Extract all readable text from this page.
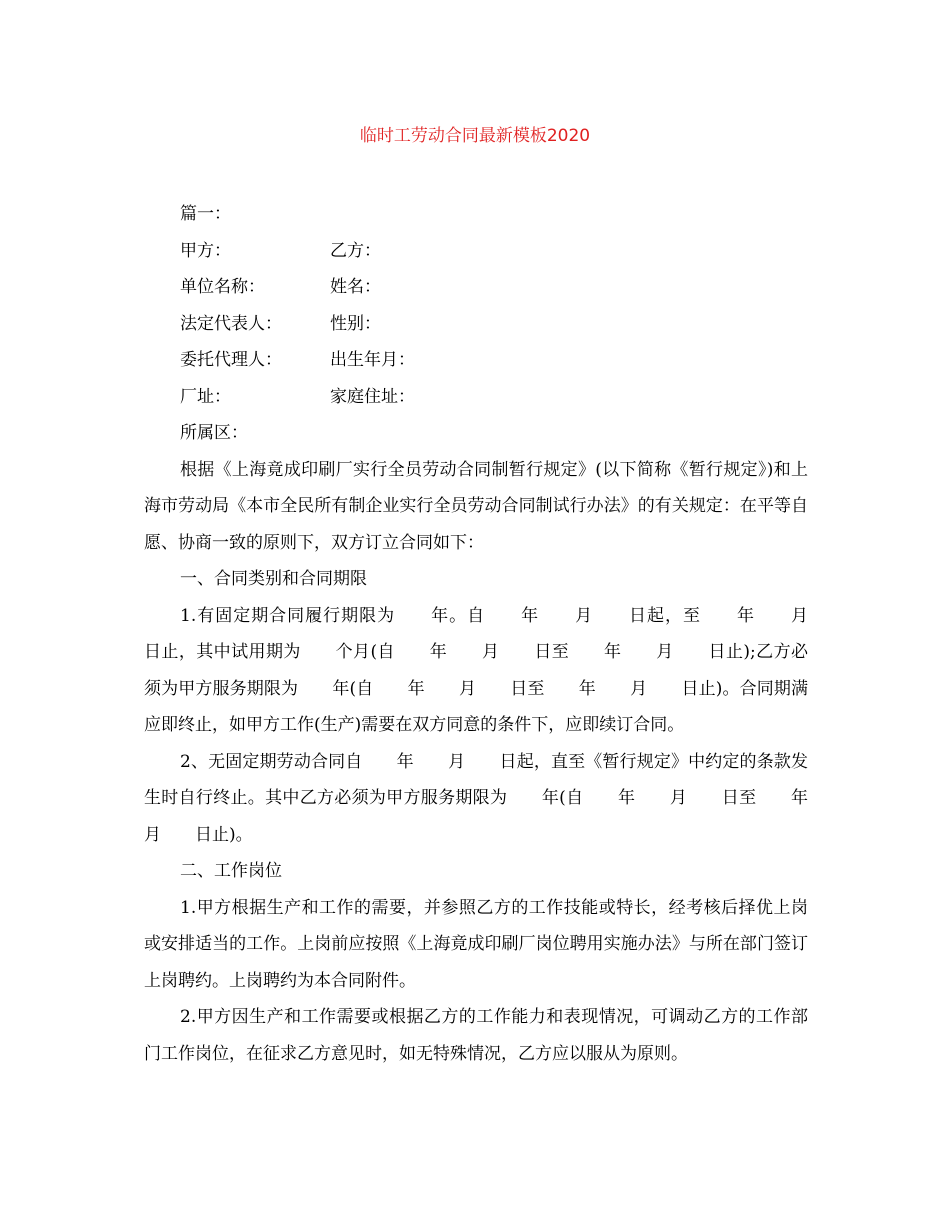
临时工劳动合同最新模板2020
篇一：
甲方：	乙方：
单位名称：	姓名：
法定代表人：	性别：
委托代理人：	出生年月：
厂址：	家庭住址：
所属区：
根据《上海竟成印刷厂实行全员劳动合同制暂行规定》(以下简称《暂行规定》)和上海市劳动局《本市全民所有制企业实行全员劳动合同制试行办法》的有关规定：在平等自愿、协商一致的原则下，双方订立合同如下：
一、合同类别和合同期限
1.有固定期合同履行期限为　　年。自　　年　　月　　日起，至　　年　　月　　日止，其中试用期为　　个月(自　　年　　月　　日至　　年　　月　　日止);乙方必须为甲方服务期限为　　年(自　　年　　月　　日至　　年　　月　　日止)。合同期满应即终止，如甲方工作(生产)需要在双方同意的条件下，应即续订合同。
2、无固定期劳动合同自　　年　　月　　日起，直至《暂行规定》中约定的条款发生时自行终止。其中乙方必须为甲方服务期限为　　年(自　　年　　月　　日至　　年　　月　　日止)。
二、工作岗位
1.甲方根据生产和工作的需要，并参照乙方的工作技能或特长，经考核后择优上岗或安排适当的工作。上岗前应按照《上海竟成印刷厂岗位聘用实施办法》与所在部门签订上岗聘约。上岗聘约为本合同附件。
2.甲方因生产和工作需要或根据乙方的工作能力和表现情况，可调动乙方的工作部门工作岗位，在征求乙方意见时，如无特殊情况，乙方应以服从为原则。
